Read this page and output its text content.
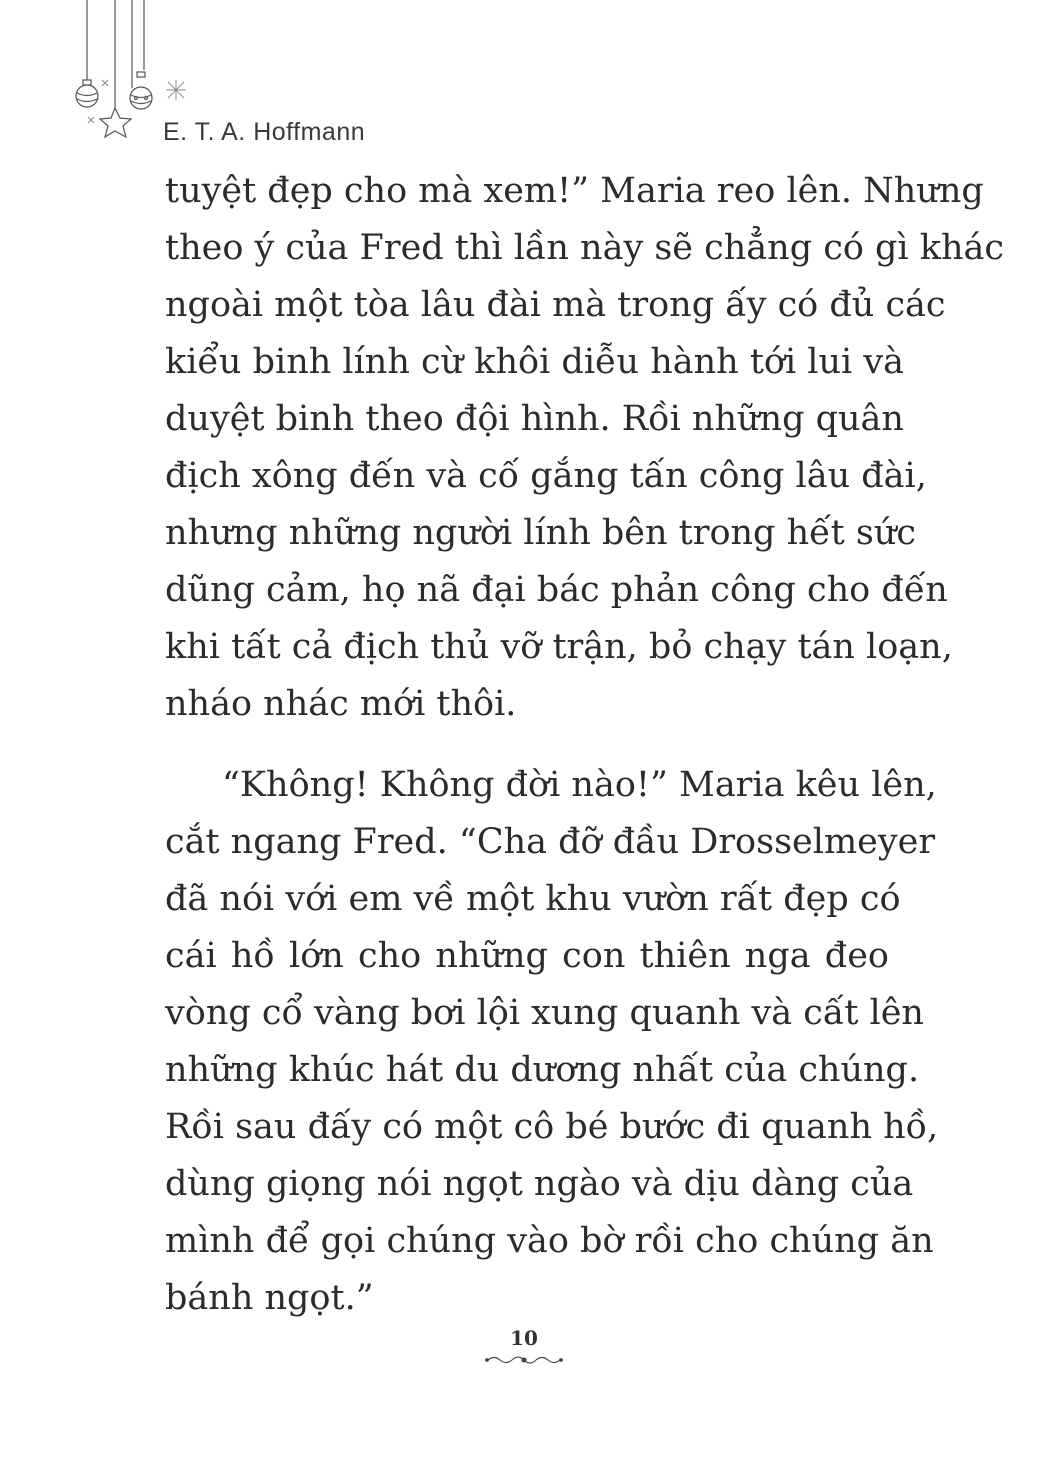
E. T. A. Hoffmann
tuyệt đẹp cho mà xem!” Maria reo lên. Nhưng
theo ý của Fred thì lần này sẽ chẳng có gì khác
ngoài một tòa lâu đài mà trong ấy có đủ các
kiểu binh lính cừ khôi diễu hành tới lui và
duyệt binh theo đội hình. Rồi những quân
địch xông đến và cố gắng tấn công lâu đài,
nhưng những người lính bên trong hết sức
dũng cảm, họ nã đại bác phản công cho đến
khi tất cả địch thủ vỡ trận, bỏ chạy tán loạn,
nháo nhác mới thôi.
“Không! Không đời nào!” Maria kêu lên,
cắt ngang Fred. “Cha đỡ đầu Drosselmeyer
đã nói với em về một khu vườn rất đẹp có
cái hồ lớn cho những con thiên nga đeo
vòng cổ vàng bơi lội xung quanh và cất lên
những khúc hát du dương nhất của chúng.
Rồi sau đấy có một cô bé bước đi quanh hồ,
dùng giọng nói ngọt ngào và dịu dàng của
mình để gọi chúng vào bờ rồi cho chúng ăn
bánh ngọt.”
10
